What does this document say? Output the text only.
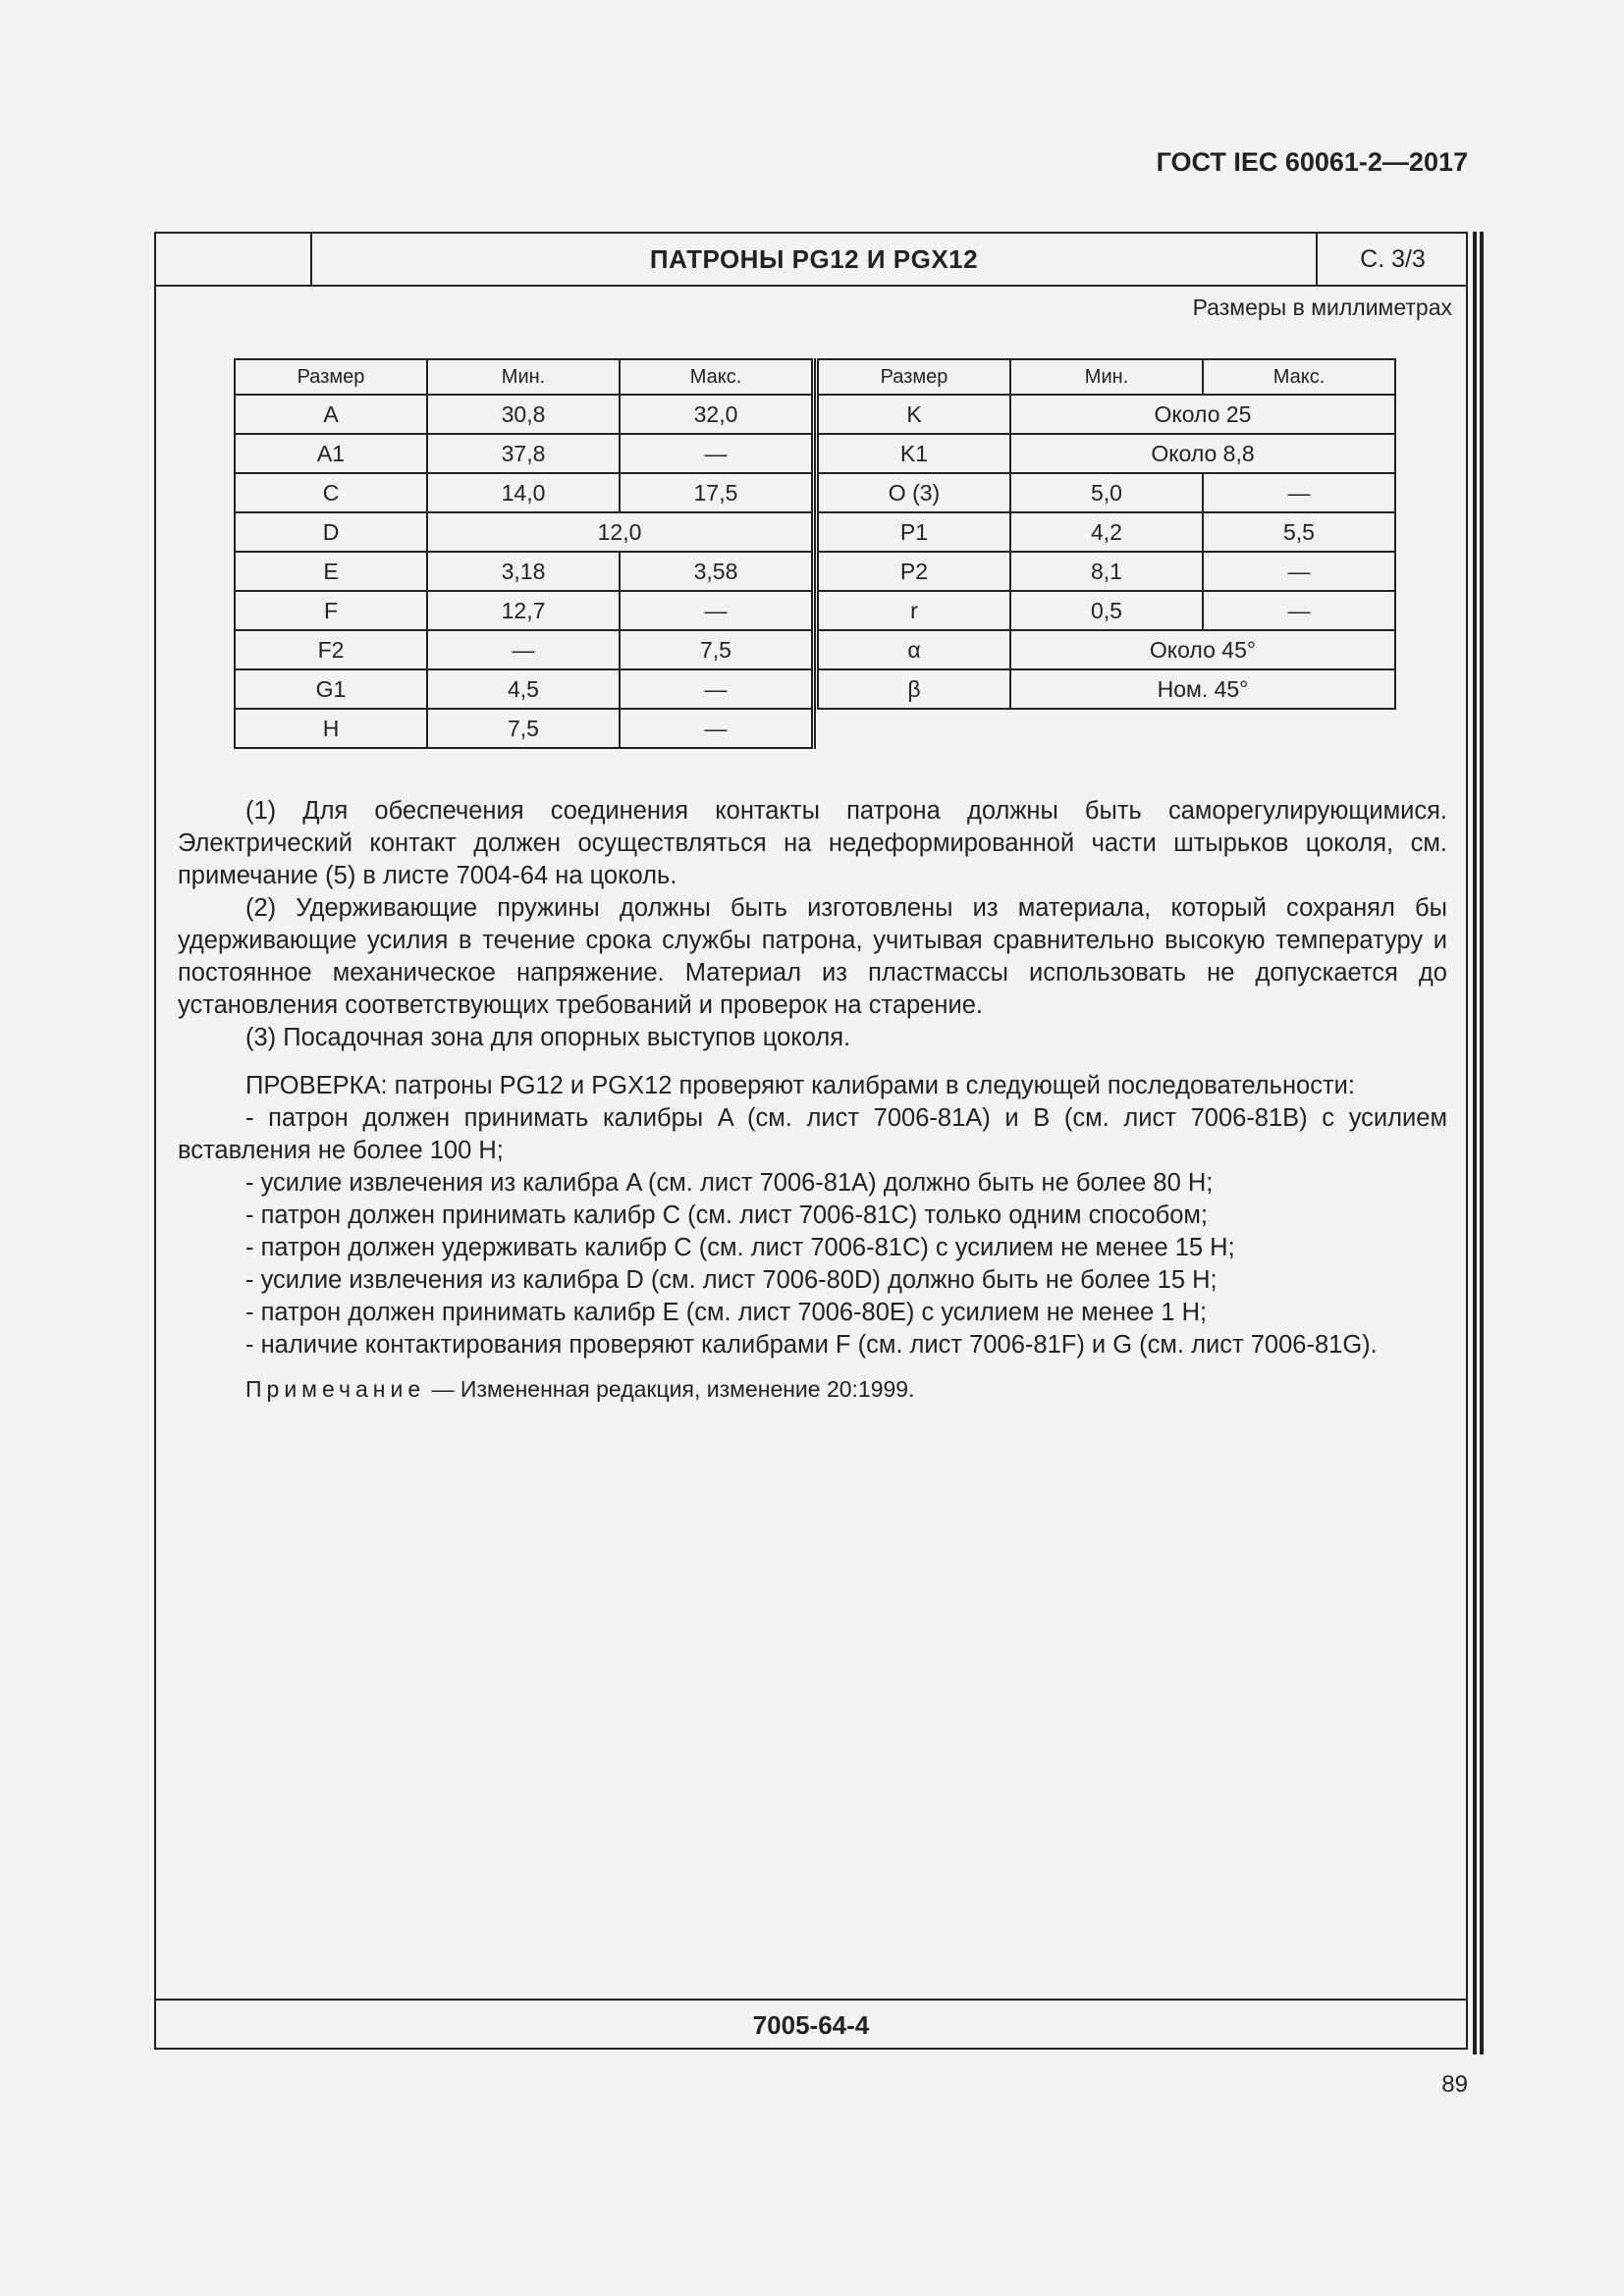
ГОСТ IEC 60061-2—2017
ПАТРОНЫ PG12 И PGX12	С. 3/3
Размеры в миллиметрах
Размер	Мин.	Макс.
A	30,8	32,0
A1	37,8	—
C	14,0	17,5
D	12,0	
E	3,18	3,58
F	12,7	—
F2	—	7,5
G1	4,5	—
H	7,5	—
Размер	Мин.	Макс.
K	Около 25	
K1	Около 8,8	
O (3)	5,0	—
P1	4,2	5,5
P2	8,1	—
r	0,5	—
α	Около 45°	
β	Ном. 45°	

(1) Для обеспечения соединения контакты патрона должны быть саморегулирующимися. Электрический контакт должен осуществляться на недеформированной части штырьков цоколя, см. примечание (5) в листе 7004-64 на цоколь.

(2) Удерживающие пружины должны быть изготовлены из материала, который сохранял бы удерживающие усилия в течение срока службы патрона, учитывая сравнительно высокую температуру и постоянное механическое напряжение. Материал из пластмассы использовать не допускается до установления соответствующих требований и проверок на старение.

(3) Посадочная зона для опорных выступов цоколя.

ПРОВЕРКА: патроны PG12 и PGX12 проверяют калибрами в следующей последовательности:

- патрон должен принимать калибры A (см. лист 7006-81A) и B (см. лист 7006-81B) с усилием вставления не более 100 Н;

- усилие извлечения из калибра A (см. лист 7006-81A) должно быть не более 80 Н;

- патрон должен принимать калибр C (см. лист 7006-81C) только одним способом;

- патрон должен удерживать калибр C (см. лист 7006-81C) с усилием не менее 15 Н;

- усилие извлечения из калибра D (см. лист 7006-80D) должно быть не более 15 Н;

- патрон должен принимать калибр E (см. лист 7006-80E) с усилием не менее 1 Н;

- наличие контактирования проверяют калибрами F (см. лист 7006-81F) и G (см. лист 7006-81G).

Примечание — Измененная редакция, изменение 20:1999.

7005-64-4
89
